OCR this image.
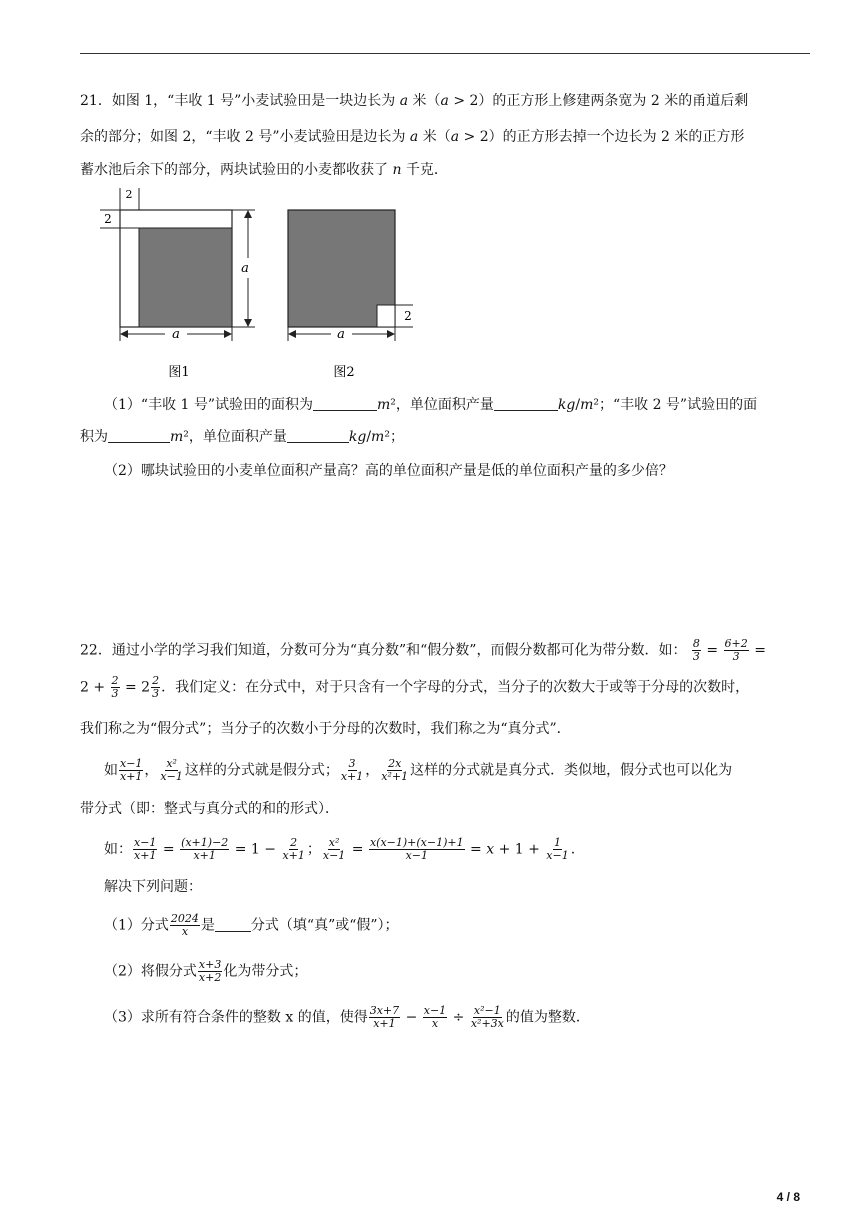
21．如图 1，“丰收 1 号”小麦试验田是一块边长为 𝑎 米（𝑎 > 2）的正方形上修建两条宽为 2 米的甬道后剩
余的部分；如图 2，“丰收 2 号”小麦试验田是边长为 𝑎 米（𝑎 > 2）的正方形去掉一个边长为 2 米的正方形
蓄水池后余下的部分，两块试验田的小麦都收获了 𝑛 千克．
2
2
a
a
图1
2
a
图2
（1）“丰收 1 号”试验田的面积为	𝑚²，单位面积产量	𝑘𝑔/𝑚²；“丰收 2 号”试验田的面
积为	𝑚²，单位面积产量	𝑘𝑔/𝑚²；
（2）哪块试验田的小麦单位面积产量高？高的单位面积产量是低的单位面积产量的多少倍？
22．通过小学的学习我们知道，分数可分为“真分数”和“假分数”，而假分数都可化为带分数．如： $\frac{8}{3} = \frac{6+2}{3}$ =
$2 + \frac{2}{3} = 2 \frac{2}{3}$ ．我们定义：在分式中，对于只含有一个字母的分式，当分子的次数大于或等于分母的次数时，
我们称之为“假分式”；当分子的次数小于分母的次数时，我们称之为“真分式”．
如 $\frac{x-1}{x+1}$ ， $\frac{\text{x²}}{x-1}$ 这样的分式就是假分式； $\frac{3}{x+1}$ ， $\frac{2x}{\text{x²+1}}$ 这样的分式就是真分式．类似地，假分式也可以化为
带分式（即：整式与真分式的和的形式）．
如： $\frac{x-1}{x+1} = \frac{(x+1)-2}{x+1} = 1 - \frac{2}{x+1}$ ； $\frac{\text{x²}}{x-1} = \frac{x(x-1)+(x-1)+1}{x-1}$ = 𝑥 + $1 + \frac{1}{x-1}$ .
解决下列问题：
（1）分式 $\frac{2024}{x}$ 是	分式（填“真”或“假”）；
（2）将假分式 $\frac{x+3}{x+2}$ 化为带分式；
（3）求所有符合条件的整数 x 的值，使得 $\frac{3x+7}{x+1} - \frac{x-1}{x} \div \frac{\text{x²−1}}{\text{x²+3x}}$ 的值为整数．
4 / 8
